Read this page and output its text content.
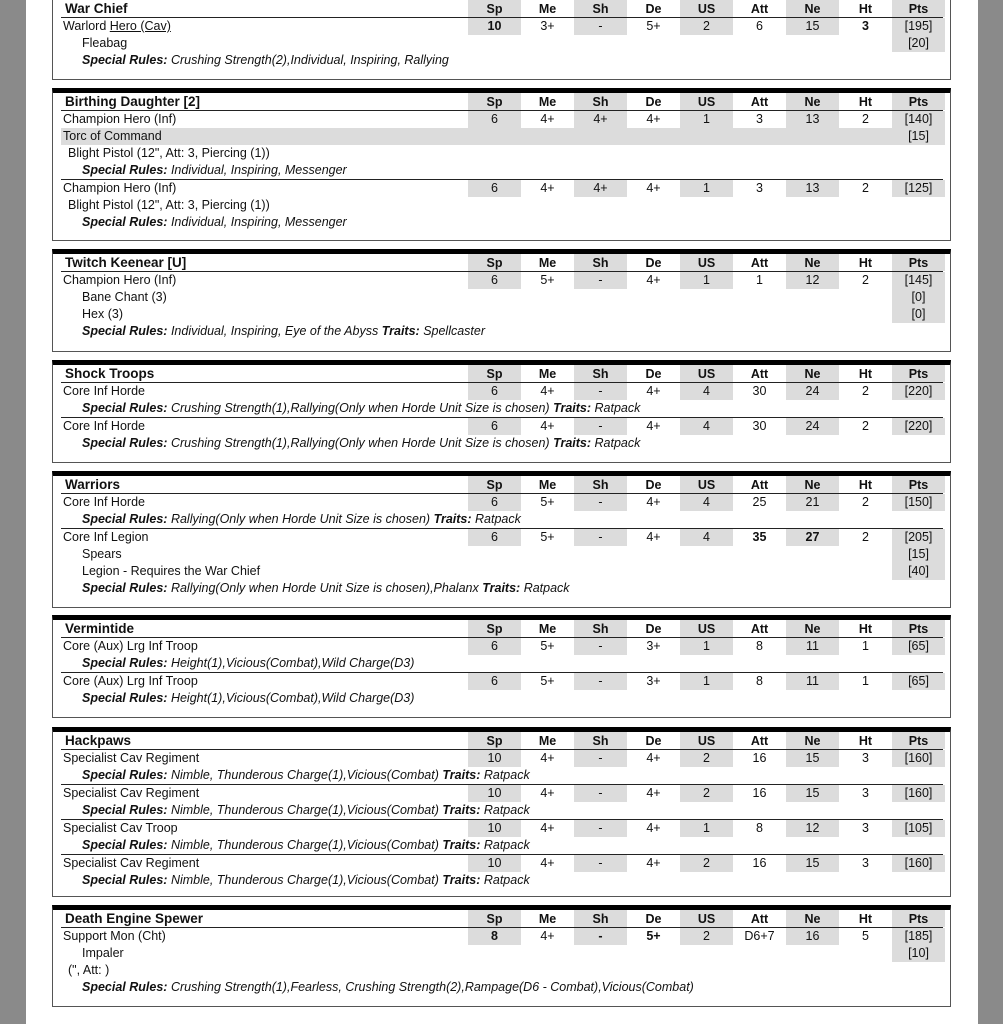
War Chief	Sp	Me	Sh	De	US	Att	Ne	Ht	Pts
Warlord Hero (Cav)	10	3+	-	5+	2	6	15	3	[195]
Fleabag	[20]
Special Rules: Crushing Strength(2),Individual, Inspiring, Rallying
Birthing Daughter [2]	Sp	Me	Sh	De	US	Att	Ne	Ht	Pts
Champion Hero (Inf)	6	4+	4+	4+	1	3	13	2	[140]
Torc of Command	[15]
Blight Pistol (12", Att: 3, Piercing (1))
Special Rules: Individual, Inspiring, Messenger
Champion Hero (Inf)	6	4+	4+	4+	1	3	13	2	[125]
Blight Pistol (12", Att: 3, Piercing (1))
Special Rules: Individual, Inspiring, Messenger
Twitch Keenear [U]	Sp	Me	Sh	De	US	Att	Ne	Ht	Pts
Champion Hero (Inf)	6	5+	-	4+	1	1	12	2	[145]
Bane Chant (3)	[0]
Hex (3)	[0]
Special Rules: Individual, Inspiring, Eye of the Abyss Traits: Spellcaster
Shock Troops	Sp	Me	Sh	De	US	Att	Ne	Ht	Pts
Core Inf Horde	6	4+	-	4+	4	30	24	2	[220]
Special Rules: Crushing Strength(1),Rallying(Only when Horde Unit Size is chosen) Traits: Ratpack
Core Inf Horde	6	4+	-	4+	4	30	24	2	[220]
Special Rules: Crushing Strength(1),Rallying(Only when Horde Unit Size is chosen) Traits: Ratpack
Warriors	Sp	Me	Sh	De	US	Att	Ne	Ht	Pts
Core Inf Horde	6	5+	-	4+	4	25	21	2	[150]
Special Rules: Rallying(Only when Horde Unit Size is chosen) Traits: Ratpack
Core Inf Legion	6	5+	-	4+	4	35	27	2	[205]
Spears	[15]
Legion - Requires the War Chief	[40]
Special Rules: Rallying(Only when Horde Unit Size is chosen),Phalanx Traits: Ratpack
Vermintide	Sp	Me	Sh	De	US	Att	Ne	Ht	Pts
Core (Aux) Lrg Inf Troop	6	5+	-	3+	1	8	11	1	[65]
Special Rules: Height(1),Vicious(Combat),Wild Charge(D3)
Core (Aux) Lrg Inf Troop	6	5+	-	3+	1	8	11	1	[65]
Special Rules: Height(1),Vicious(Combat),Wild Charge(D3)
Hackpaws	Sp	Me	Sh	De	US	Att	Ne	Ht	Pts
Specialist Cav Regiment	10	4+	-	4+	2	16	15	3	[160]
Special Rules: Nimble, Thunderous Charge(1),Vicious(Combat) Traits: Ratpack
Specialist Cav Regiment	10	4+	-	4+	2	16	15	3	[160]
Special Rules: Nimble, Thunderous Charge(1),Vicious(Combat) Traits: Ratpack
Specialist Cav Troop	10	4+	-	4+	1	8	12	3	[105]
Special Rules: Nimble, Thunderous Charge(1),Vicious(Combat) Traits: Ratpack
Specialist Cav Regiment	10	4+	-	4+	2	16	15	3	[160]
Special Rules: Nimble, Thunderous Charge(1),Vicious(Combat) Traits: Ratpack
Death Engine Spewer	Sp	Me	Sh	De	US	Att	Ne	Ht	Pts
Support Mon (Cht)	8	4+	-	5+	2	D6+7	16	5	[185]
Impaler	[10]
(", Att: )
Special Rules: Crushing Strength(1),Fearless, Crushing Strength(2),Rampage(D6 - Combat),Vicious(Combat)
